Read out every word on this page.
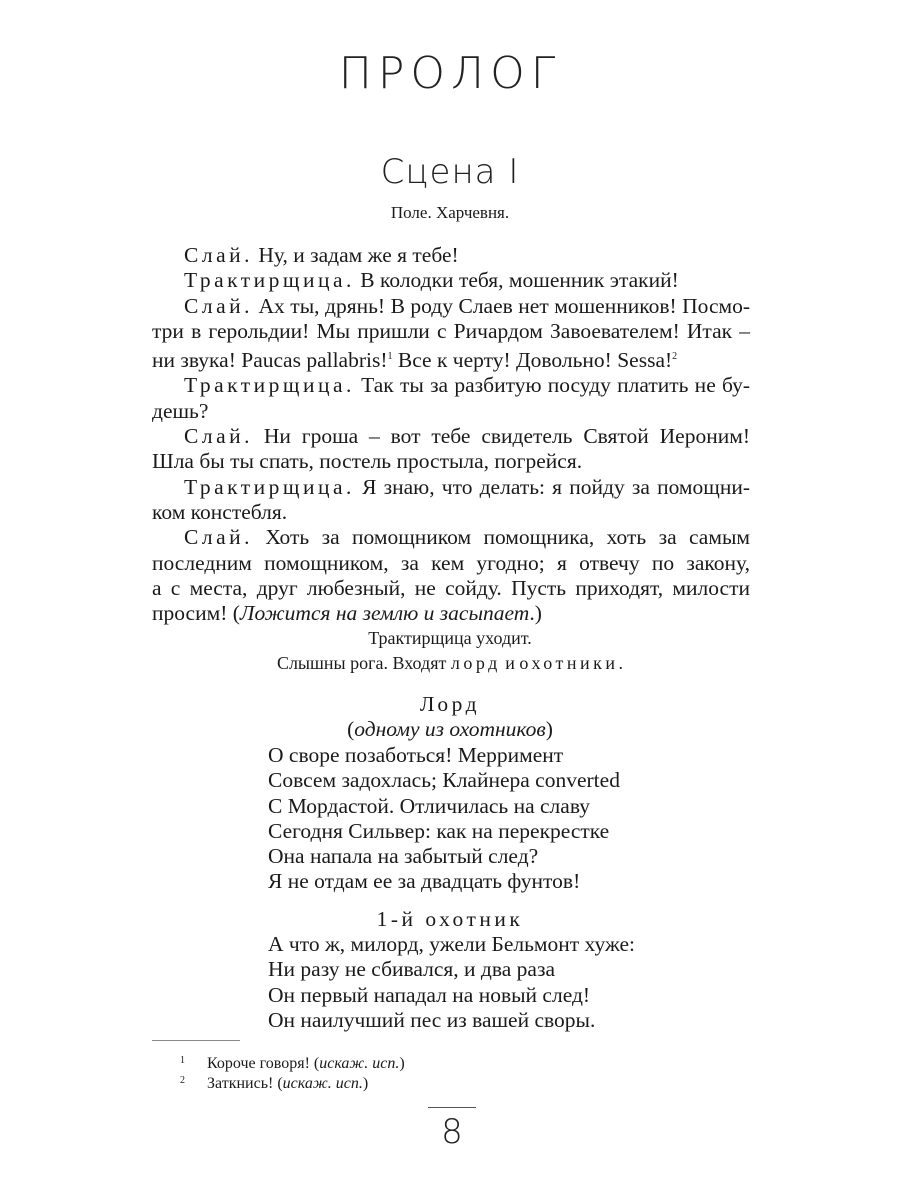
ПРОЛОГ
Сцена I
Поле. Харчевня.
Слай. Ну, и задам же я тебе!
Трактирщица. В колодки тебя, мошенник этакий!
Слай. Ах ты, дрянь! В роду Слаев нет мошенников! Посмо-
три в герольдии! Мы пришли с Ричардом Завоевателем! Итак –
ни звука! Paucas pallabris!$^1$ Все к черту! Довольно! Sessa!$^2$
Трактирщица. Так ты за разбитую посуду платить не бу-
дешь?
Слай. Ни гроша – вот тебе свидетель Святой Иероним!
Шла бы ты спать, постель простыла, погрейся.
Трактирщица. Я знаю, что делать: я пойду за помощни-
ком констебля.
Слай. Хоть за помощником помощника, хоть за самым
последним помощником, за кем угодно; я отвечу по закону,
а с места, друг любезный, не сойду. Пусть приходят, милости
просим! (Ложится на землю и засыпает.)
Трактирщица уходит.
Слышны рога. Входят лорд и охотники.
Лорд
(одному из охотников)
О своре позаботься! Мерримент
Совсем задохлась; Клайнера converted
С Мордастой. Отличилась на славу
Сегодня Сильвер: как на перекрестке
Она напала на забытый след?
Я не отдам ее за двадцать фунтов!
1-й охотник
А что ж, милорд, ужели Бельмонт хуже:
Ни разу не сбивался, и два раза
Он первый нападал на новый след!
Он наилучший пес из вашей своры.
1 Короче говоря! (искаж. исп.)
2 Заткнись! (искаж. исп.)
8
